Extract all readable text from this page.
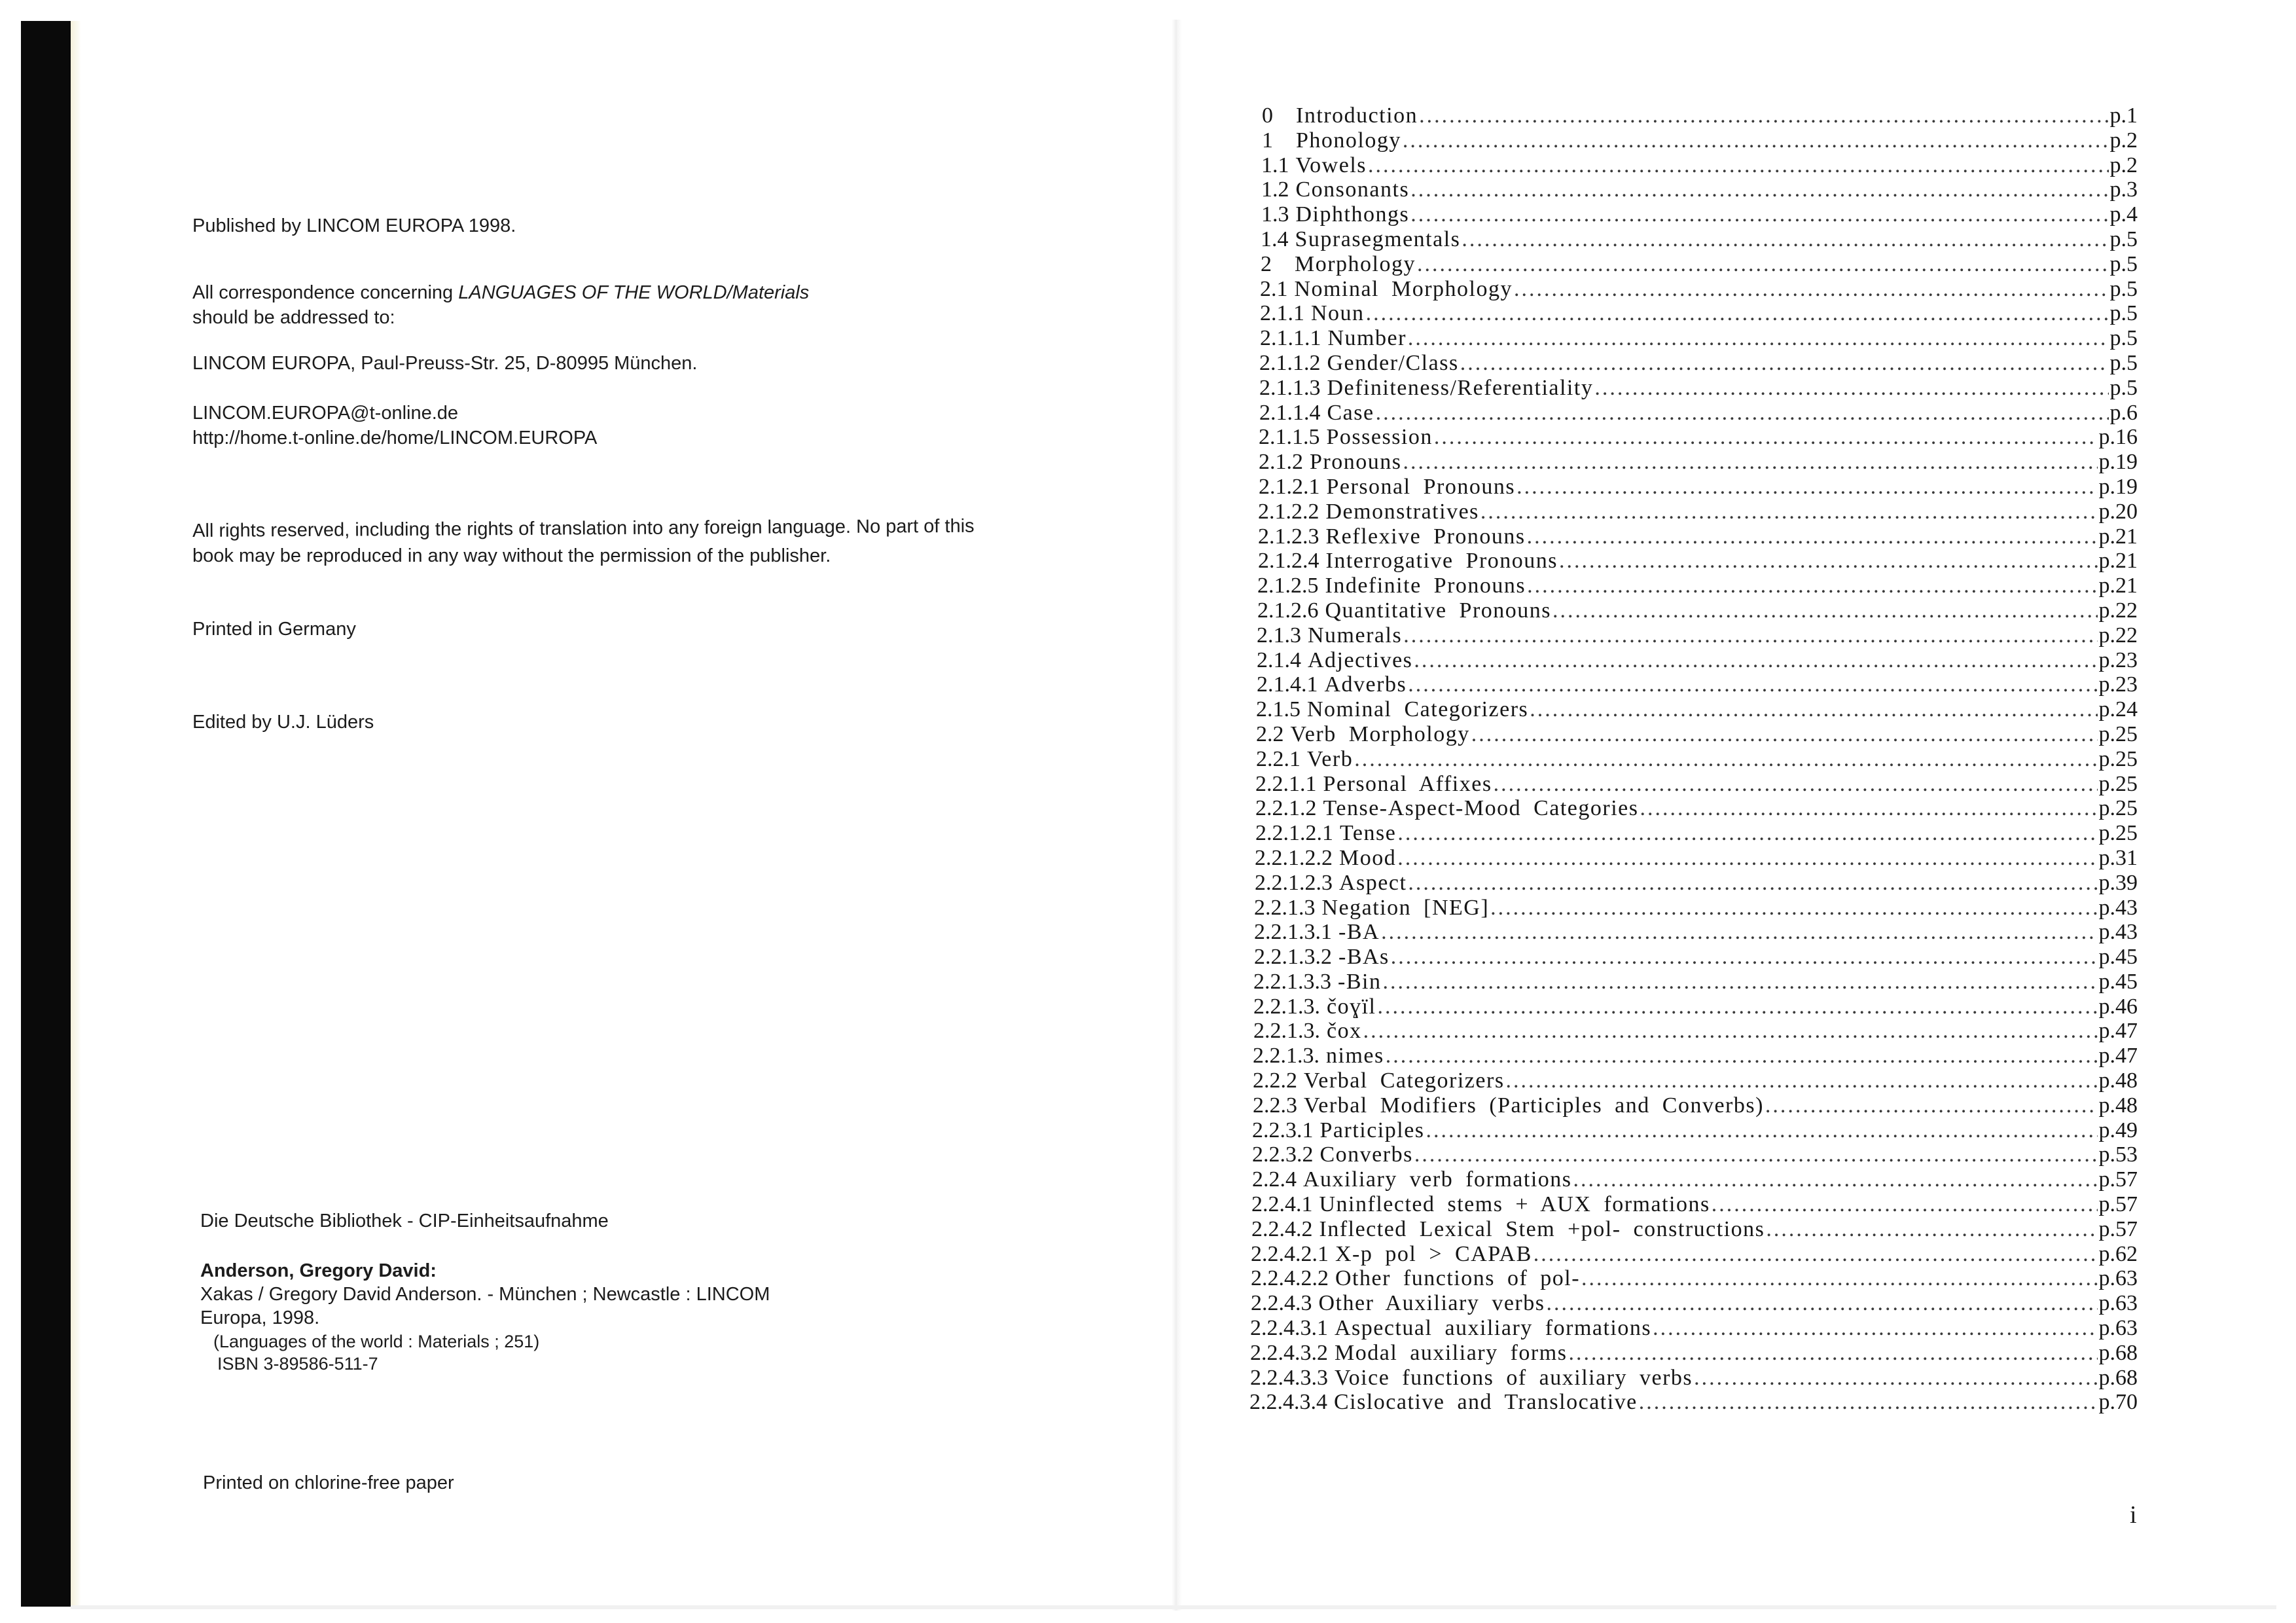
Published by LINCOM EUROPA 1998.
All correspondence concerning LANGUAGES OF THE WORLD/Materials
should be addressed to:
LINCOM EUROPA, Paul-Preuss-Str. 25, D-80995 München.
LINCOM.EUROPA@t-online.de
http://home.t-online.de/home/LINCOM.EUROPA
All rights reserved, including the rights of translation into any foreign language. No part of this
book may be reproduced in any way without the permission of the publisher.
Printed in Germany
Edited by U.J. Lüders
Die Deutsche Bibliothek - CIP-Einheitsaufnahme
Anderson, Gregory David:
Xakas / Gregory David Anderson. - München ; Newcastle : LINCOM
Europa, 1998.
(Languages of the world : Materials ; 251)
ISBN 3-89586-511-7
Printed on chlorine-free paper
0	Introduction .....	p.1
1	Phonology .....	p.2
1.1 Vowels .....	p.2
1.2 Consonants .....	p.3
1.3 Diphthongs .....	p.4
1.4 Suprasegmentals .....	p.5
2	Morphology .....	p.5
2.1 Nominal Morphology .....	p.5
2.1.1 Noun .....	p.5
2.1.1.1 Number .....	p.5
2.1.1.2 Gender/Class .....	p.5
2.1.1.3 Definiteness/Referentiality .....	p.5
2.1.1.4 Case .....	p.6
2.1.1.5 Possession .....	p.16
2.1.2 Pronouns .....	p.19
2.1.2.1 Personal Pronouns .....	p.19
2.1.2.2 Demonstratives .....	p.20
2.1.2.3 Reflexive Pronouns .....	p.21
2.1.2.4 Interrogative Pronouns .....	p.21
2.1.2.5 Indefinite Pronouns .....	p.21
2.1.2.6 Quantitative Pronouns .....	p.22
2.1.3 Numerals .....	p.22
2.1.4 Adjectives .....	p.23
2.1.4.1 Adverbs .....	p.23
2.1.5 Nominal Categorizers .....	p.24
2.2 Verb Morphology .....	p.25
2.2.1 Verb .....	p.25
2.2.1.1 Personal Affixes .....	p.25
2.2.1.2 Tense-Aspect-Mood Categories .....	p.25
2.2.1.2.1 Tense .....	p.25
2.2.1.2.2 Mood .....	p.31
2.2.1.2.3 Aspect .....	p.39
2.2.1.3 Negation [NEG] .....	p.43
2.2.1.3.1 -BA .....	p.43
2.2.1.3.2 -BAs .....	p.45
2.2.1.3.3 -Bin .....	p.45
2.2.1.3. čoɣïl .....	p.46
2.2.1.3. čox .....	p.47
2.2.1.3. nimes .....	p.47
2.2.2 Verbal Categorizers .....	p.48
2.2.3 Verbal Modifiers (Participles and Converbs) .....	p.48
2.2.3.1 Participles .....	p.49
2.2.3.2 Converbs .....	p.53
2.2.4 Auxiliary verb formations .....	p.57
2.2.4.1 Uninflected stems + AUX formations .....	p.57
2.2.4.2 Inflected Lexical Stem +pol- constructions .....	p.57
2.2.4.2.1 X-p pol > CAPAB .....	p.62
2.2.4.2.2 Other functions of pol- .....	p.63
2.2.4.3 Other Auxiliary verbs .....	p.63
2.2.4.3.1 Aspectual auxiliary formations .....	p.63
2.2.4.3.2 Modal auxiliary forms .....	p.68
2.2.4.3.3 Voice functions of auxiliary verbs .....	p.68
2.2.4.3.4 Cislocative and Translocative .....	p.70
i
